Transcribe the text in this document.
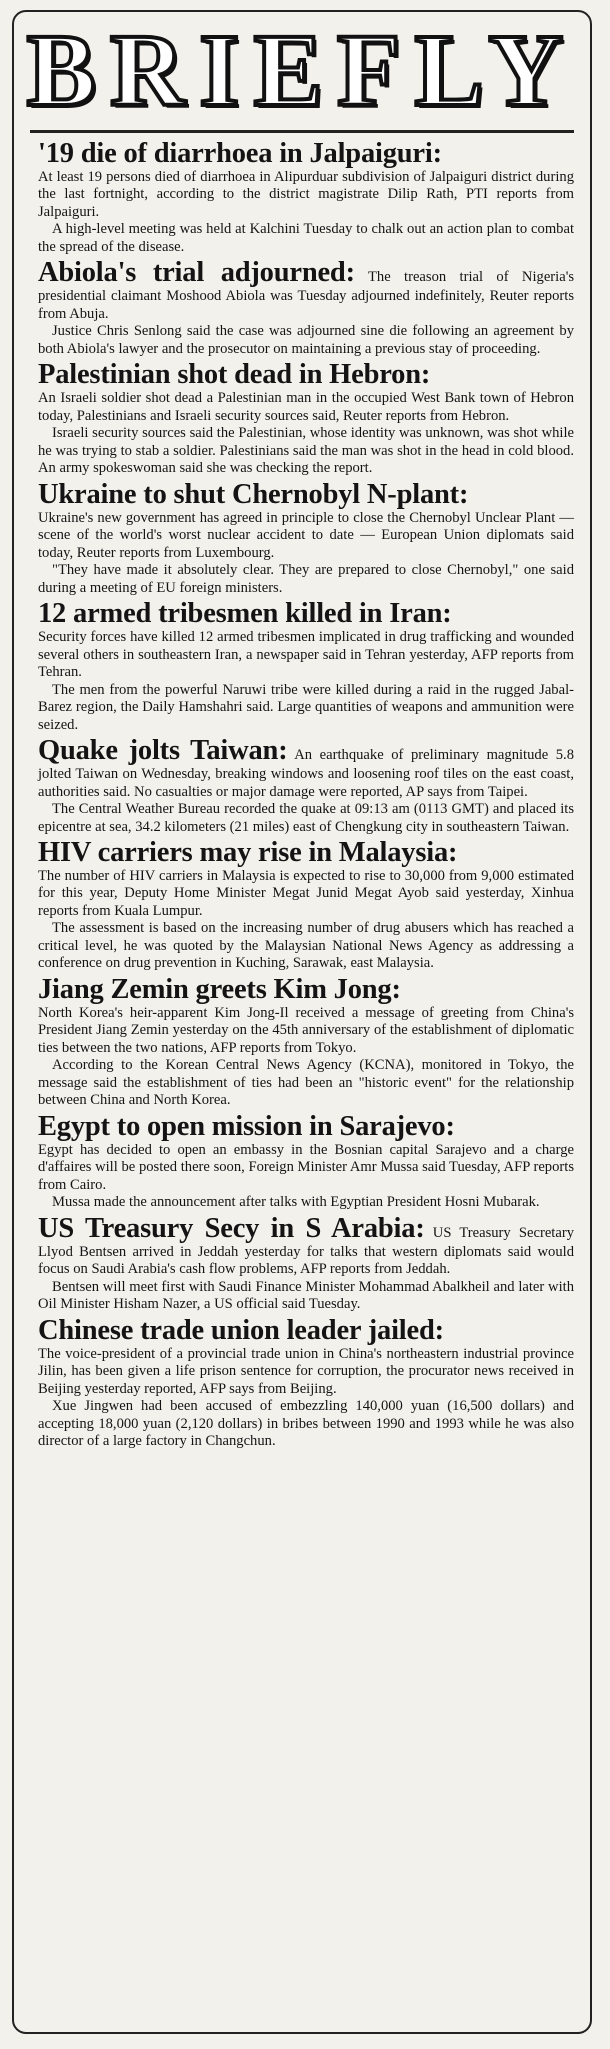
BRIEFLY
'19 die of diarrhoea in Jalpaiguri:

At least 19 persons died of diarrhoea in Alipurduar subdivision of Jalpaiguri district during the last fortnight, according to the district magistrate Dilip Rath, PTI reports from Jalpaiguri.

A high-level meeting was held at Kalchini Tuesday to chalk out an action plan to combat the spread of the disease.

Abiola's trial adjourned: The treason trial of Nigeria's presidential claimant Moshood Abiola was Tuesday adjourned indefinitely, Reuter reports from Abuja.

Justice Chris Senlong said the case was adjourned sine die following an agreement by both Abiola's lawyer and the prosecutor on maintaining a previous stay of proceeding.

Palestinian shot dead in Hebron:

An Israeli soldier shot dead a Palestinian man in the occupied West Bank town of Hebron today, Palestinians and Israeli security sources said, Reuter reports from Hebron.

Israeli security sources said the Palestinian, whose identity was unknown, was shot while he was trying to stab a soldier. Palestinians said the man was shot in the head in cold blood. An army spokeswoman said she was checking the report.

Ukraine to shut Chernobyl N-plant:

Ukraine's new government has agreed in principle to close the Chernobyl Unclear Plant — scene of the world's worst nuclear accident to date — European Union diplomats said today, Reuter reports from Luxembourg.

"They have made it absolutely clear. They are prepared to close Chernobyl," one said during a meeting of EU foreign ministers.

12 armed tribesmen killed in Iran:

Security forces have killed 12 armed tribesmen implicated in drug trafficking and wounded several others in southeastern Iran, a newspaper said in Tehran yesterday, AFP reports from Tehran.

The men from the powerful Naruwi tribe were killed during a raid in the rugged Jabal-Barez region, the Daily Hamshahri said. Large quantities of weapons and ammunition were seized.

Quake jolts Taiwan: An earthquake of preliminary magnitude 5.8 jolted Taiwan on Wednesday, breaking windows and loosening roof tiles on the east coast, authorities said. No casualties or major damage were reported, AP says from Taipei.

The Central Weather Bureau recorded the quake at 09:13 am (0113 GMT) and placed its epicentre at sea, 34.2 kilometers (21 miles) east of Chengkung city in southeastern Taiwan.

HIV carriers may rise in Malaysia:

The number of HIV carriers in Malaysia is expected to rise to 30,000 from 9,000 estimated for this year, Deputy Home Minister Megat Junid Megat Ayob said yesterday, Xinhua reports from Kuala Lumpur.

The assessment is based on the increasing number of drug abusers which has reached a critical level, he was quoted by the Malaysian National News Agency as addressing a conference on drug prevention in Kuching, Sarawak, east Malaysia.

Jiang Zemin greets Kim Jong:

North Korea's heir-apparent Kim Jong-Il received a message of greeting from China's President Jiang Zemin yesterday on the 45th anniversary of the establishment of diplomatic ties between the two nations, AFP reports from Tokyo.

According to the Korean Central News Agency (KCNA), monitored in Tokyo, the message said the establishment of ties had been an "historic event" for the relationship between China and North Korea.

Egypt to open mission in Sarajevo:

Egypt has decided to open an embassy in the Bosnian capital Sarajevo and a charge d'affaires will be posted there soon, Foreign Minister Amr Mussa said Tuesday, AFP reports from Cairo.

Mussa made the announcement after talks with Egyptian President Hosni Mubarak.

US Treasury Secy in S Arabia: US Treasury Secretary Llyod Bentsen arrived in Jeddah yesterday for talks that western diplomats said would focus on Saudi Arabia's cash flow problems, AFP reports from Jeddah.

Bentsen will meet first with Saudi Finance Minister Mohammad Abalkheil and later with Oil Minister Hisham Nazer, a US official said Tuesday.

Chinese trade union leader jailed:

The voice-president of a provincial trade union in China's northeastern industrial province Jilin, has been given a life prison sentence for corruption, the procurator news received in Beijing yesterday reported, AFP says from Beijing.

Xue Jingwen had been accused of embezzling 140,000 yuan (16,500 dollars) and accepting 18,000 yuan (2,120 dollars) in bribes between 1990 and 1993 while he was also director of a large factory in Changchun.
